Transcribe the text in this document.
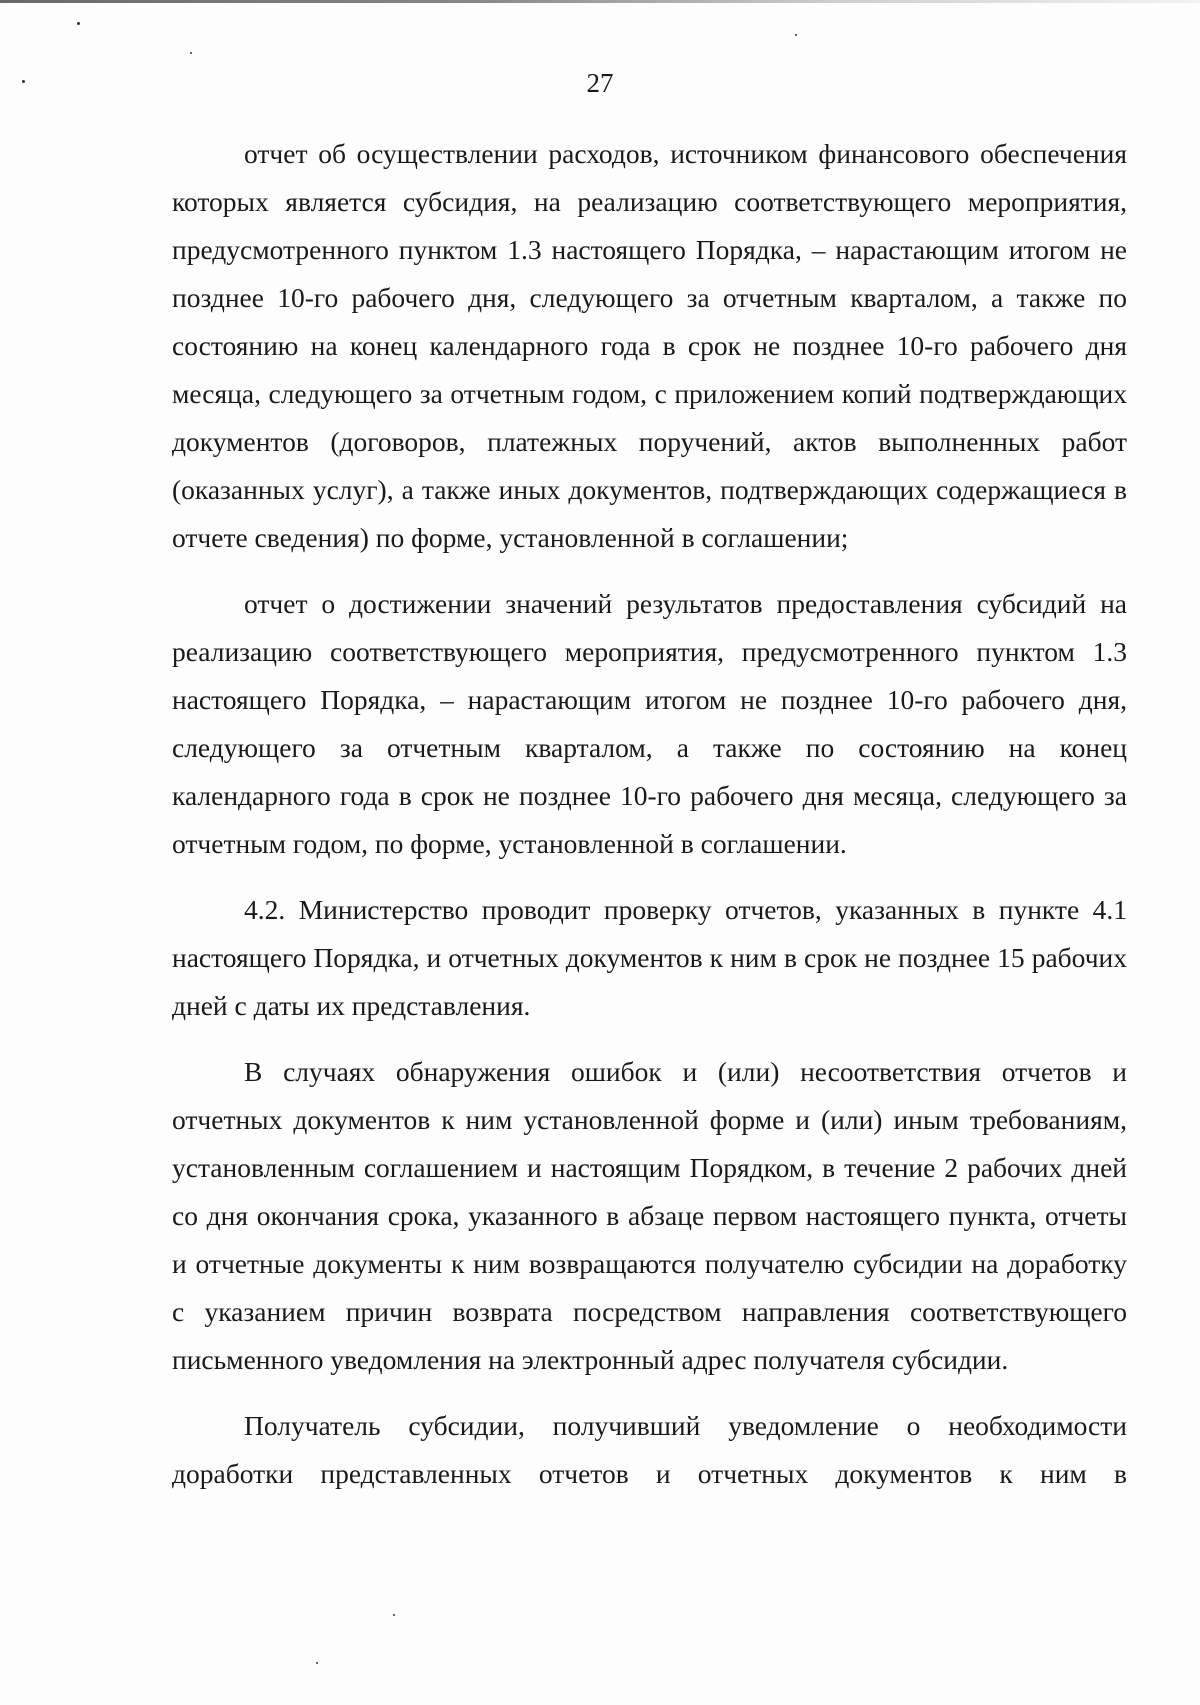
27

отчет об осуществлении расходов, источником финансового обеспечения которых является субсидия, на реализацию соответствующего мероприятия, предусмотренного пунктом 1.3 настоящего Порядка, – нарастающим итогом не позднее 10-го рабочего дня, следующего за отчетным кварталом, а также по состоянию на конец календарного года в срок не позднее 10-го рабочего дня месяца, следующего за отчетным годом, с приложением копий подтверждающих документов (договоров, платежных поручений, актов выполненных работ (оказанных услуг), а также иных документов, подтверждающих содержащиеся в отчете сведения) по форме, установленной в соглашении;

отчет о достижении значений результатов предоставления субсидий на реализацию соответствующего мероприятия, предусмотренного пунктом 1.3 настоящего Порядка, – нарастающим итогом не позднее 10-го рабочего дня, следующего за отчетным кварталом, а также по состоянию на конец календарного года в срок не позднее 10-го рабочего дня месяца, следующего за отчетным годом, по форме, установленной в соглашении.

4.2. Министерство проводит проверку отчетов, указанных в пункте 4.1 настоящего Порядка, и отчетных документов к ним в срок не позднее 15 рабочих дней с даты их представления.

В случаях обнаружения ошибок и (или) несоответствия отчетов и отчетных документов к ним установленной форме и (или) иным требованиям, установленным соглашением и настоящим Порядком, в течение 2 рабочих дней со дня окончания срока, указанного в абзаце первом настоящего пункта, отчеты и отчетные документы к ним возвращаются получателю субсидии на доработку с указанием причин возврата посредством направления соответствующего письменного уведомления на электронный адрес получателя субсидии.

Получатель субсидии, получивший уведомление о необходимости доработки представленных отчетов и отчетных документов к ним в
